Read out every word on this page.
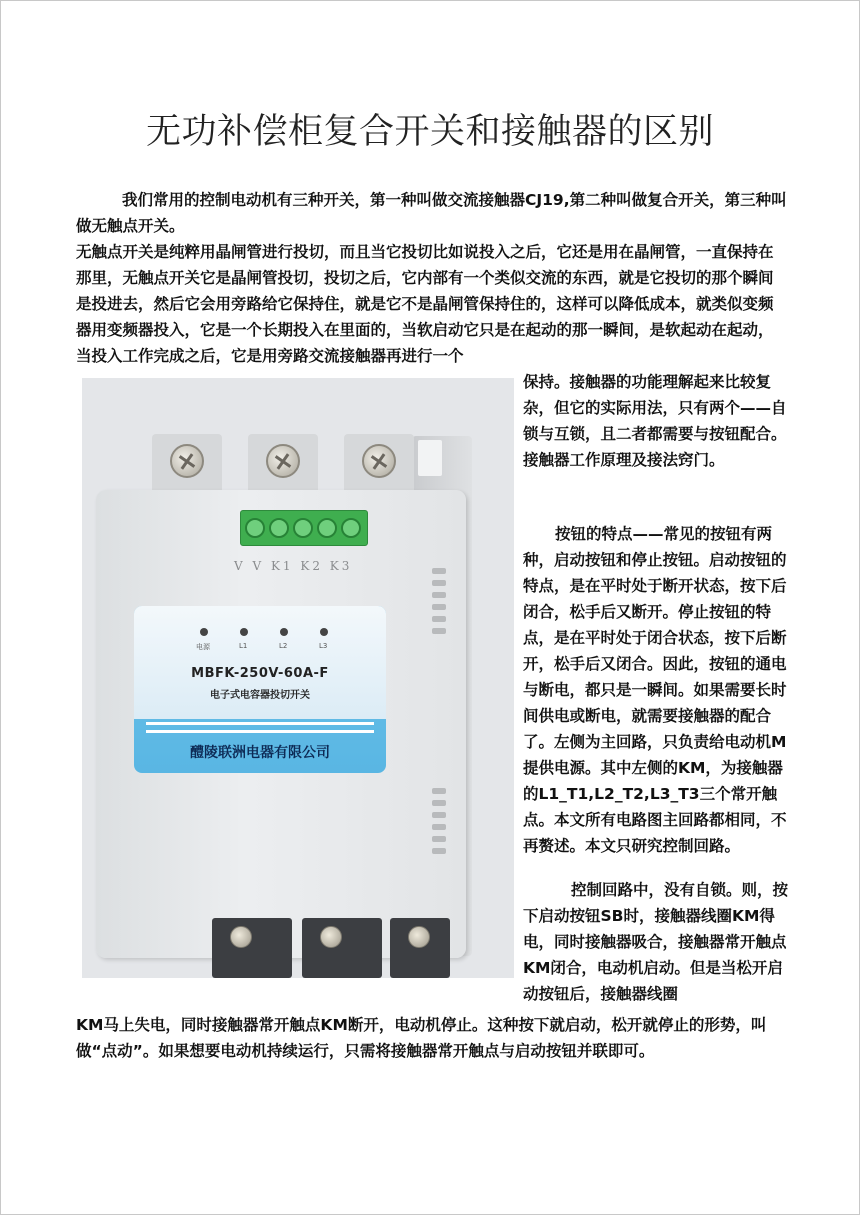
无功补偿柜复合开关和接触器的区别

我们常用的控制电动机有三种开关，第一种叫做交流接触器CJ19,第二种叫做复合开关，第三种叫做无触点开关。

无触点开关是纯粹用晶闸管进行投切，而且当它投切比如说投入之后，它还是用在晶闸管，一直保持在那里，无触点开关它是晶闸管投切，投切之后，它内部有一个类似交流的东西，就是它投切的那个瞬间是投进去，然后它会用旁路给它保持住，就是它不是晶闸管保持住的，这样可以降低成本，就类似变频器用变频器投入，它是一个长期投入在里面的，当软启动它只是在起动的那一瞬间，是软起动在起动，当投入工作完成之后，它是用旁路交流接触器再进行一个

V V K1 K2 K3
电源	L1	L2	L3
MBFK-250V-60A-F
电子式电容器投切开关
醴陵联洲电器有限公司

保持。接触器的功能理解起来比较复杂，但它的实际用法，只有两个——自锁与互锁，且二者都需要与按钮配合。

接触器工作原理及接法窍门。

按钮的特点——常见的按钮有两种，启动按钮和停止按钮。启动按钮的特点，是在平时处于断开状态，按下后闭合，松手后又断开。停止按钮的特点，是在平时处于闭合状态，按下后断开，松手后又闭合。因此，按钮的通电与断电，都只是一瞬间。如果需要长时间供电或断电，就需要接触器的配合了。左侧为主回路，只负责给电动机M提供电源。其中左侧的KM，为接触器的L1_T1,L2_T2,L3_T3三个常开触点。本文所有电路图主回路都相同，不再赘述。本文只研究控制回路。

控制回路中，没有自锁。则，按下启动按钮SB时，接触器线圈KM得电，同时接触器吸合，接触器常开触点KM闭合，电动机启动。但是当松开启动按钮后，接触器线圈

KM马上失电，同时接触器常开触点KM断开，电动机停止。这种按下就启动，松开就停止的形势，叫做“点动”。如果想要电动机持续运行，只需将接触器常开触点与启动按钮并联即可。
